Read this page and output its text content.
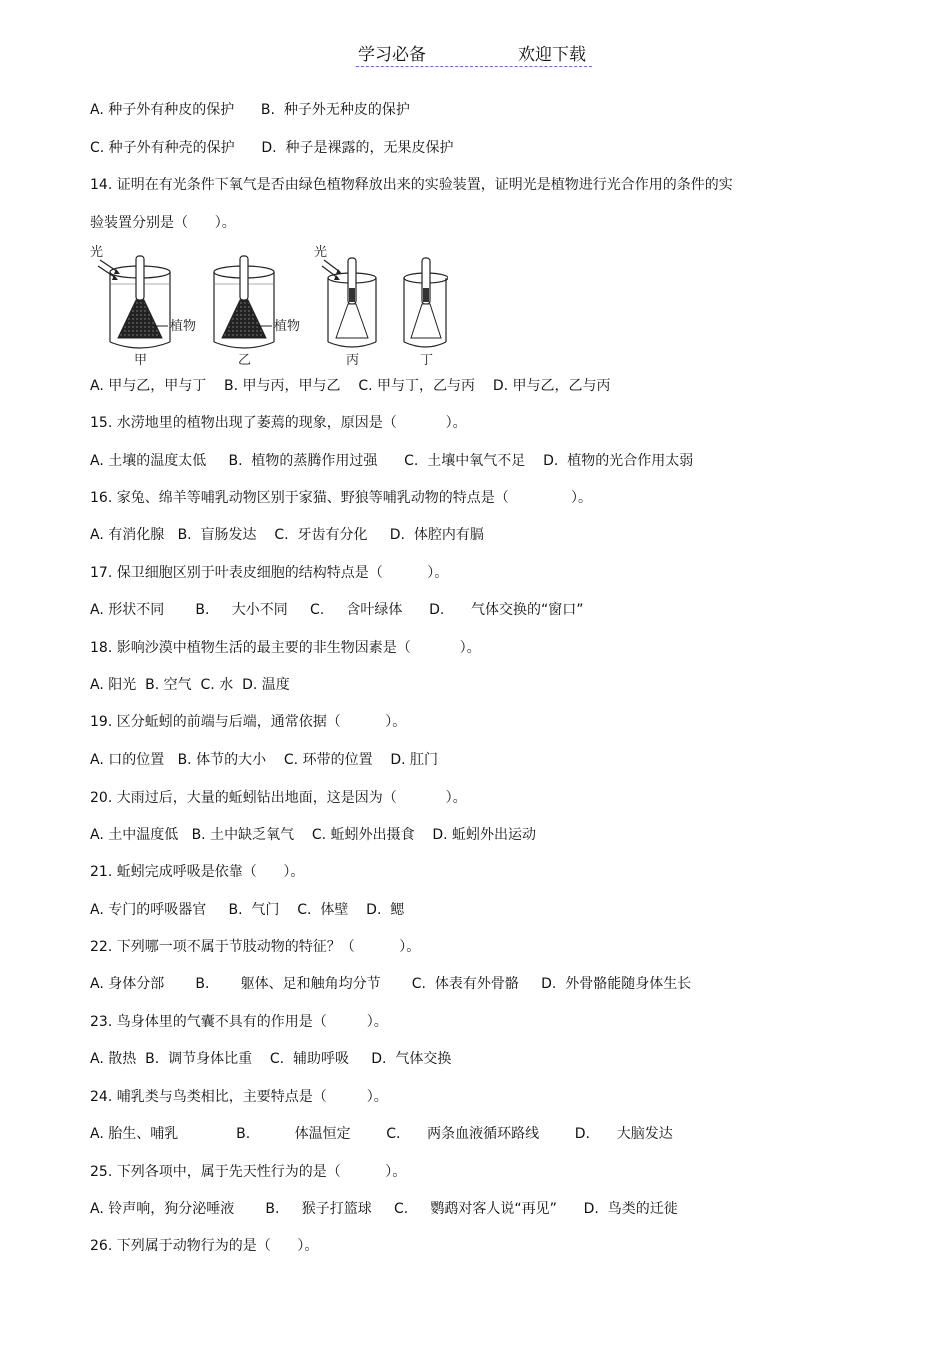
学习必备	欢迎下载
A. 种子外有种皮的保护      B.  种子外无种皮的保护
C. 种子外有种壳的保护      D.  种子是裸露的，无果皮保护
14. 证明在有光条件下氧气是否由绿色植物释放出来的实验装置，证明光是植物进行光合作用的条件的实
验装置分别是（      ）。
光
植物
甲
植物
乙
光
丙	丁
A. 甲与乙，甲与丁    B. 甲与丙，甲与乙    C. 甲与丁，乙与丙    D. 甲与乙，乙与丙
15. 水涝地里的植物出现了萎蔫的现象，原因是（           ）。
A. 土壤的温度太低     B.  植物的蒸腾作用过强      C.  土壤中氧气不足    D.  植物的光合作用太弱
16. 家兔、绵羊等哺乳动物区别于家猫、野狼等哺乳动物的特点是（              ）。
A. 有消化腺   B.  盲肠发达    C.  牙齿有分化     D.  体腔内有膈
17. 保卫细胞区别于叶表皮细胞的结构特点是（          ）。
A. 形状不同       B.     大小不同     C.     含叶绿体      D.      气体交换的“窗口”
18. 影响沙漠中植物生活的最主要的非生物因素是（           ）。
A. 阳光  B. 空气  C. 水  D. 温度
19. 区分蚯蚓的前端与后端，通常依据（          ）。
A. 口的位置   B. 体节的大小    C. 环带的位置    D. 肛门
20. 大雨过后，大量的蚯蚓钻出地面，这是因为（           ）。
A. 土中温度低   B. 土中缺乏氧气    C. 蚯蚓外出摄食    D. 蚯蚓外出运动
21. 蚯蚓完成呼吸是依靠（      ）。
A. 专门的呼吸器官     B.  气门    C.  体壁    D.  鳃
22. 下列哪一项不属于节肢动物的特征？（          ）。
A. 身体分部       B.       躯体、足和触角均分节       C.  体表有外骨骼     D.  外骨骼能随身体生长
23. 鸟身体里的气囊不具有的作用是（         ）。
A. 散热  B.  调节身体比重    C.  辅助呼吸     D.  气体交换
24. 哺乳类与鸟类相比，主要特点是（         ）。
A. 胎生、哺乳             B.          体温恒定        C.      两条血液循环路线        D.      大脑发达
25. 下列各项中，属于先天性行为的是（          ）。
A. 铃声响，狗分泌唾液       B.     猴子打篮球     C.     鹦鹉对客人说“再见”      D.  鸟类的迁徙
26. 下列属于动物行为的是（      ）。
